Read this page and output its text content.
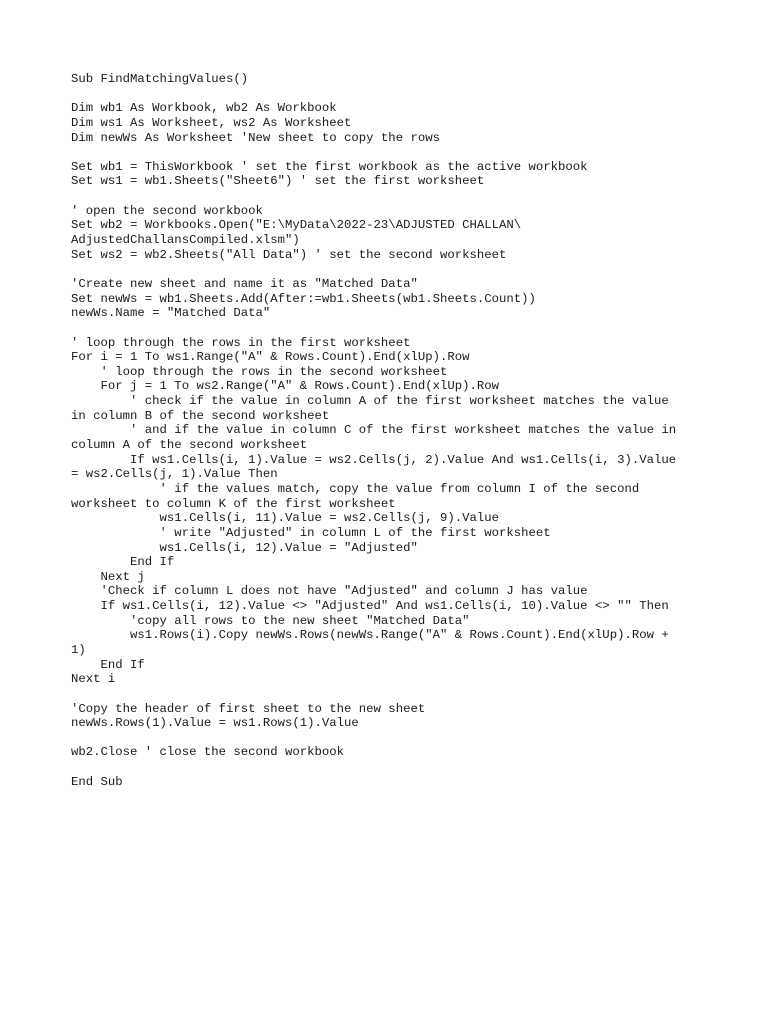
Sub FindMatchingValues()
Dim wb1 As Workbook, wb2 As Workbook
Dim ws1 As Worksheet, ws2 As Worksheet
Dim newWs As Worksheet 'New sheet to copy the rows
Set wb1 = ThisWorkbook ' set the first workbook as the active workbook
Set ws1 = wb1.Sheets("Sheet6") ' set the first worksheet
' open the second workbook
Set wb2 = Workbooks.Open("E:\MyData\2022-23\ADJUSTED CHALLAN\
AdjustedChallansCompiled.xlsm")
Set ws2 = wb2.Sheets("All Data") ' set the second worksheet
'Create new sheet and name it as "Matched Data"
Set newWs = wb1.Sheets.Add(After:=wb1.Sheets(wb1.Sheets.Count))
newWs.Name = "Matched Data"
' loop through the rows in the first worksheet
For i = 1 To ws1.Range("A" & Rows.Count).End(xlUp).Row
' loop through the rows in the second worksheet
For j = 1 To ws2.Range("A" & Rows.Count).End(xlUp).Row
' check if the value in column A of the first worksheet matches the value
in column B of the second worksheet
' and if the value in column C of the first worksheet matches the value in
column A of the second worksheet
If ws1.Cells(i, 1).Value = ws2.Cells(j, 2).Value And ws1.Cells(i, 3).Value
= ws2.Cells(j, 1).Value Then
' if the values match, copy the value from column I of the second
worksheet to column K of the first worksheet
ws1.Cells(i, 11).Value = ws2.Cells(j, 9).Value
' write "Adjusted" in column L of the first worksheet
ws1.Cells(i, 12).Value = "Adjusted"
End If
Next j
'Check if column L does not have "Adjusted" and column J has value
If ws1.Cells(i, 12).Value <> "Adjusted" And ws1.Cells(i, 10).Value <> "" Then
'copy all rows to the new sheet "Matched Data"
ws1.Rows(i).Copy newWs.Rows(newWs.Range("A" & Rows.Count).End(xlUp).Row +
1)
End If
Next i
'Copy the header of first sheet to the new sheet
newWs.Rows(1).Value = ws1.Rows(1).Value
wb2.Close ' close the second workbook
End Sub
